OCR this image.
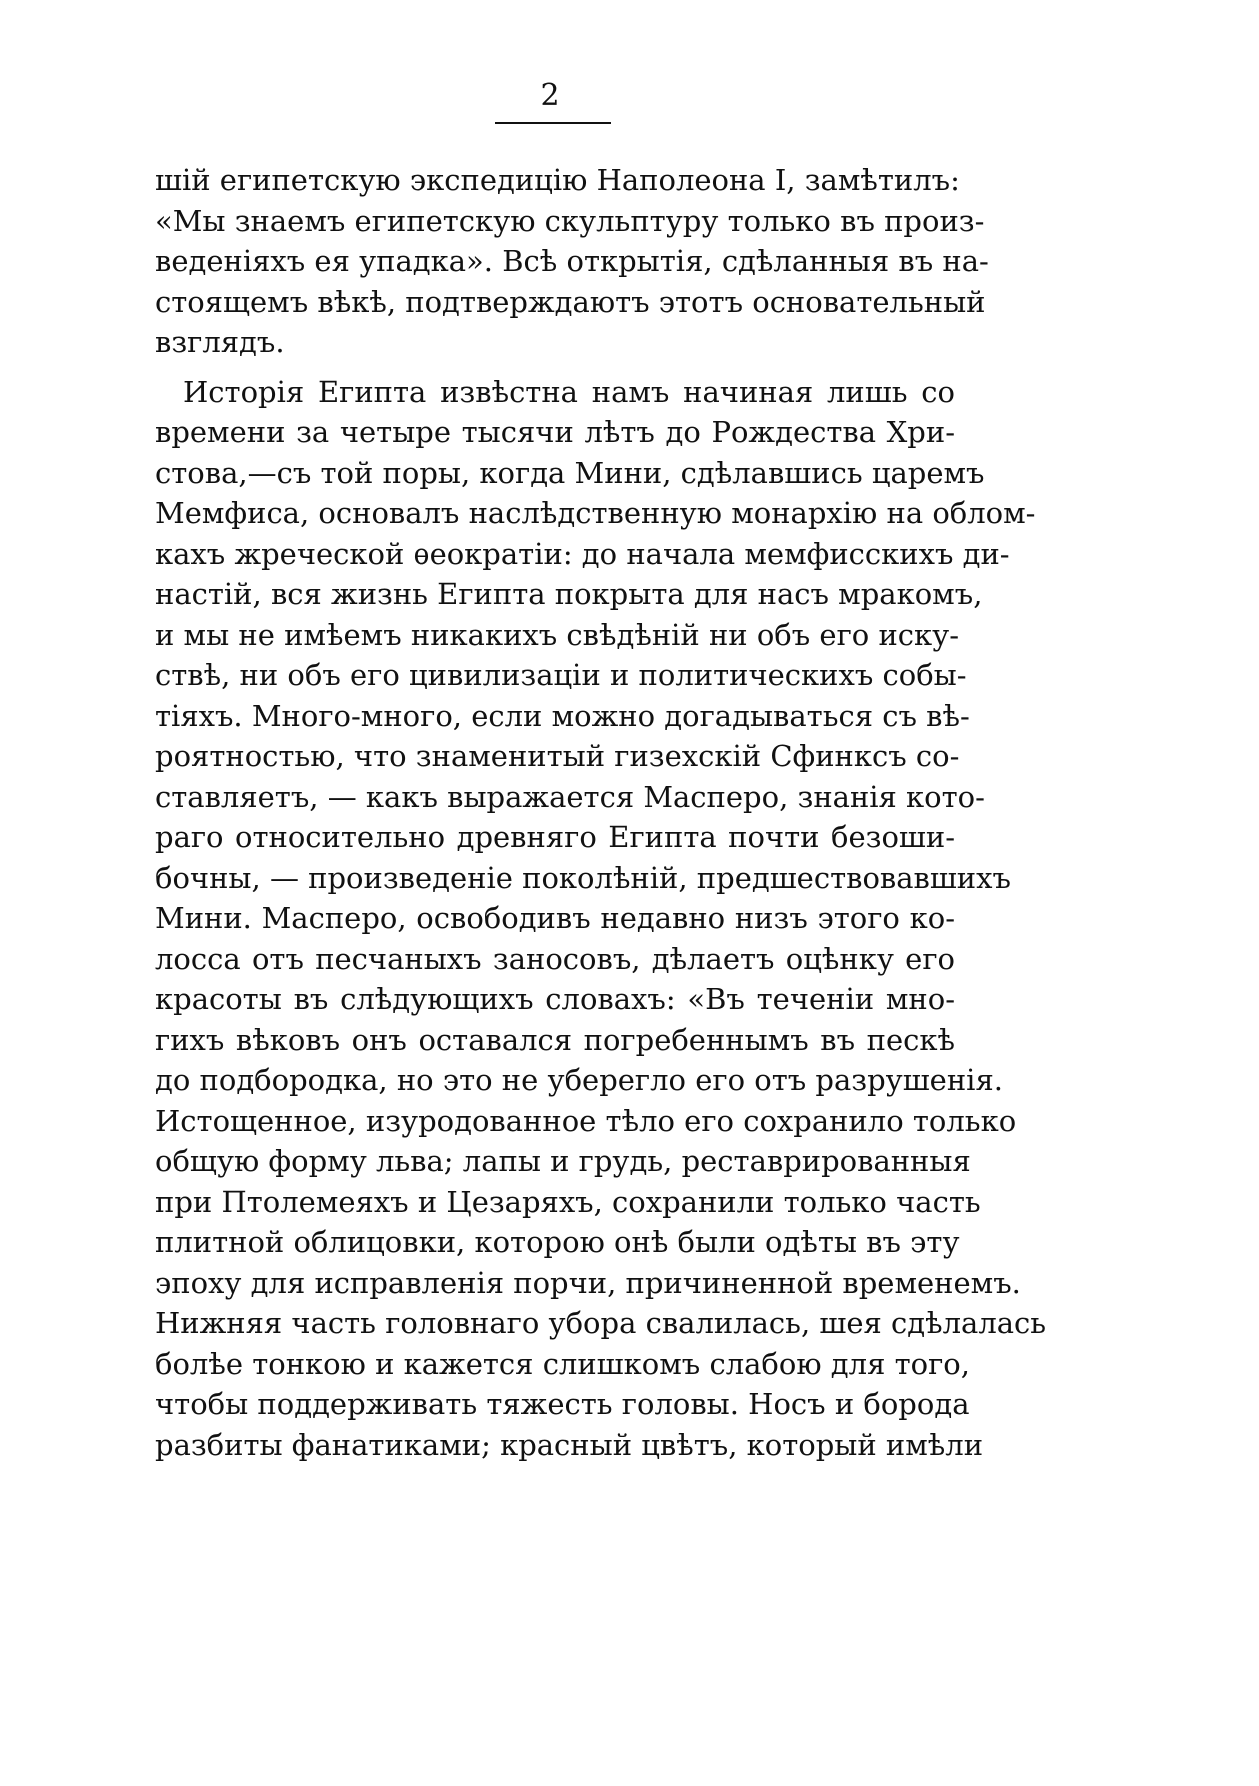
2
шій египетскую экспедицію Наполеона I, замѣтилъ:
«Мы знаемъ египетскую скульптуру только въ произ-
веденіяхъ ея упадка». Всѣ открытія, сдѣланныя въ на-
стоящемъ вѣкѣ, подтверждаютъ этотъ основательный
взглядъ.
Исторія Египта извѣстна намъ начиная лишь со
времени за четыре тысячи лѣтъ до Рождества Хри-
стова,—съ той поры, когда Мини, сдѣлавшись царемъ
Мемфиса, основалъ наслѣдственную монархію на облом-
кахъ жреческой ѳеократіи: до начала мемфисскихъ ди-
настій, вся жизнь Египта покрыта для насъ мракомъ,
и мы не имѣемъ никакихъ свѣдѣній ни объ его иску-
ствѣ, ни объ его цивилизаціи и политическихъ собы-
тіяхъ. Много-много, если можно догадываться съ вѣ-
роятностью, что знаменитый гизехскій Сфинксъ со-
ставляетъ, — какъ выражается Масперо, знанія кото-
раго относительно древняго Египта почти безоши-
бочны, — произведеніе поколѣній, предшествовавшихъ
Мини. Масперо, освободивъ недавно низъ этого ко-
лосса отъ песчаныхъ заносовъ, дѣлаетъ оцѣнку его
красоты въ слѣдующихъ словахъ: «Въ теченіи мно-
гихъ вѣковъ онъ оставался погребеннымъ въ пескѣ
до подбородка, но это не уберегло его отъ разрушенія.
Истощенное, изуродованное тѣло его сохранило только
общую форму льва; лапы и грудь, реставрированныя
при Птолемеяхъ и Цезаряхъ, сохранили только часть
плитной облицовки, которою онѣ были одѣты въ эту
эпоху для исправленія порчи, причиненной временемъ.
Нижняя часть головнаго убора свалилась, шея сдѣлалась
болѣе тонкою и кажется слишкомъ слабою для того,
чтобы поддерживать тяжесть головы. Носъ и борода
разбиты фанатиками; красный цвѣтъ, который имѣли
